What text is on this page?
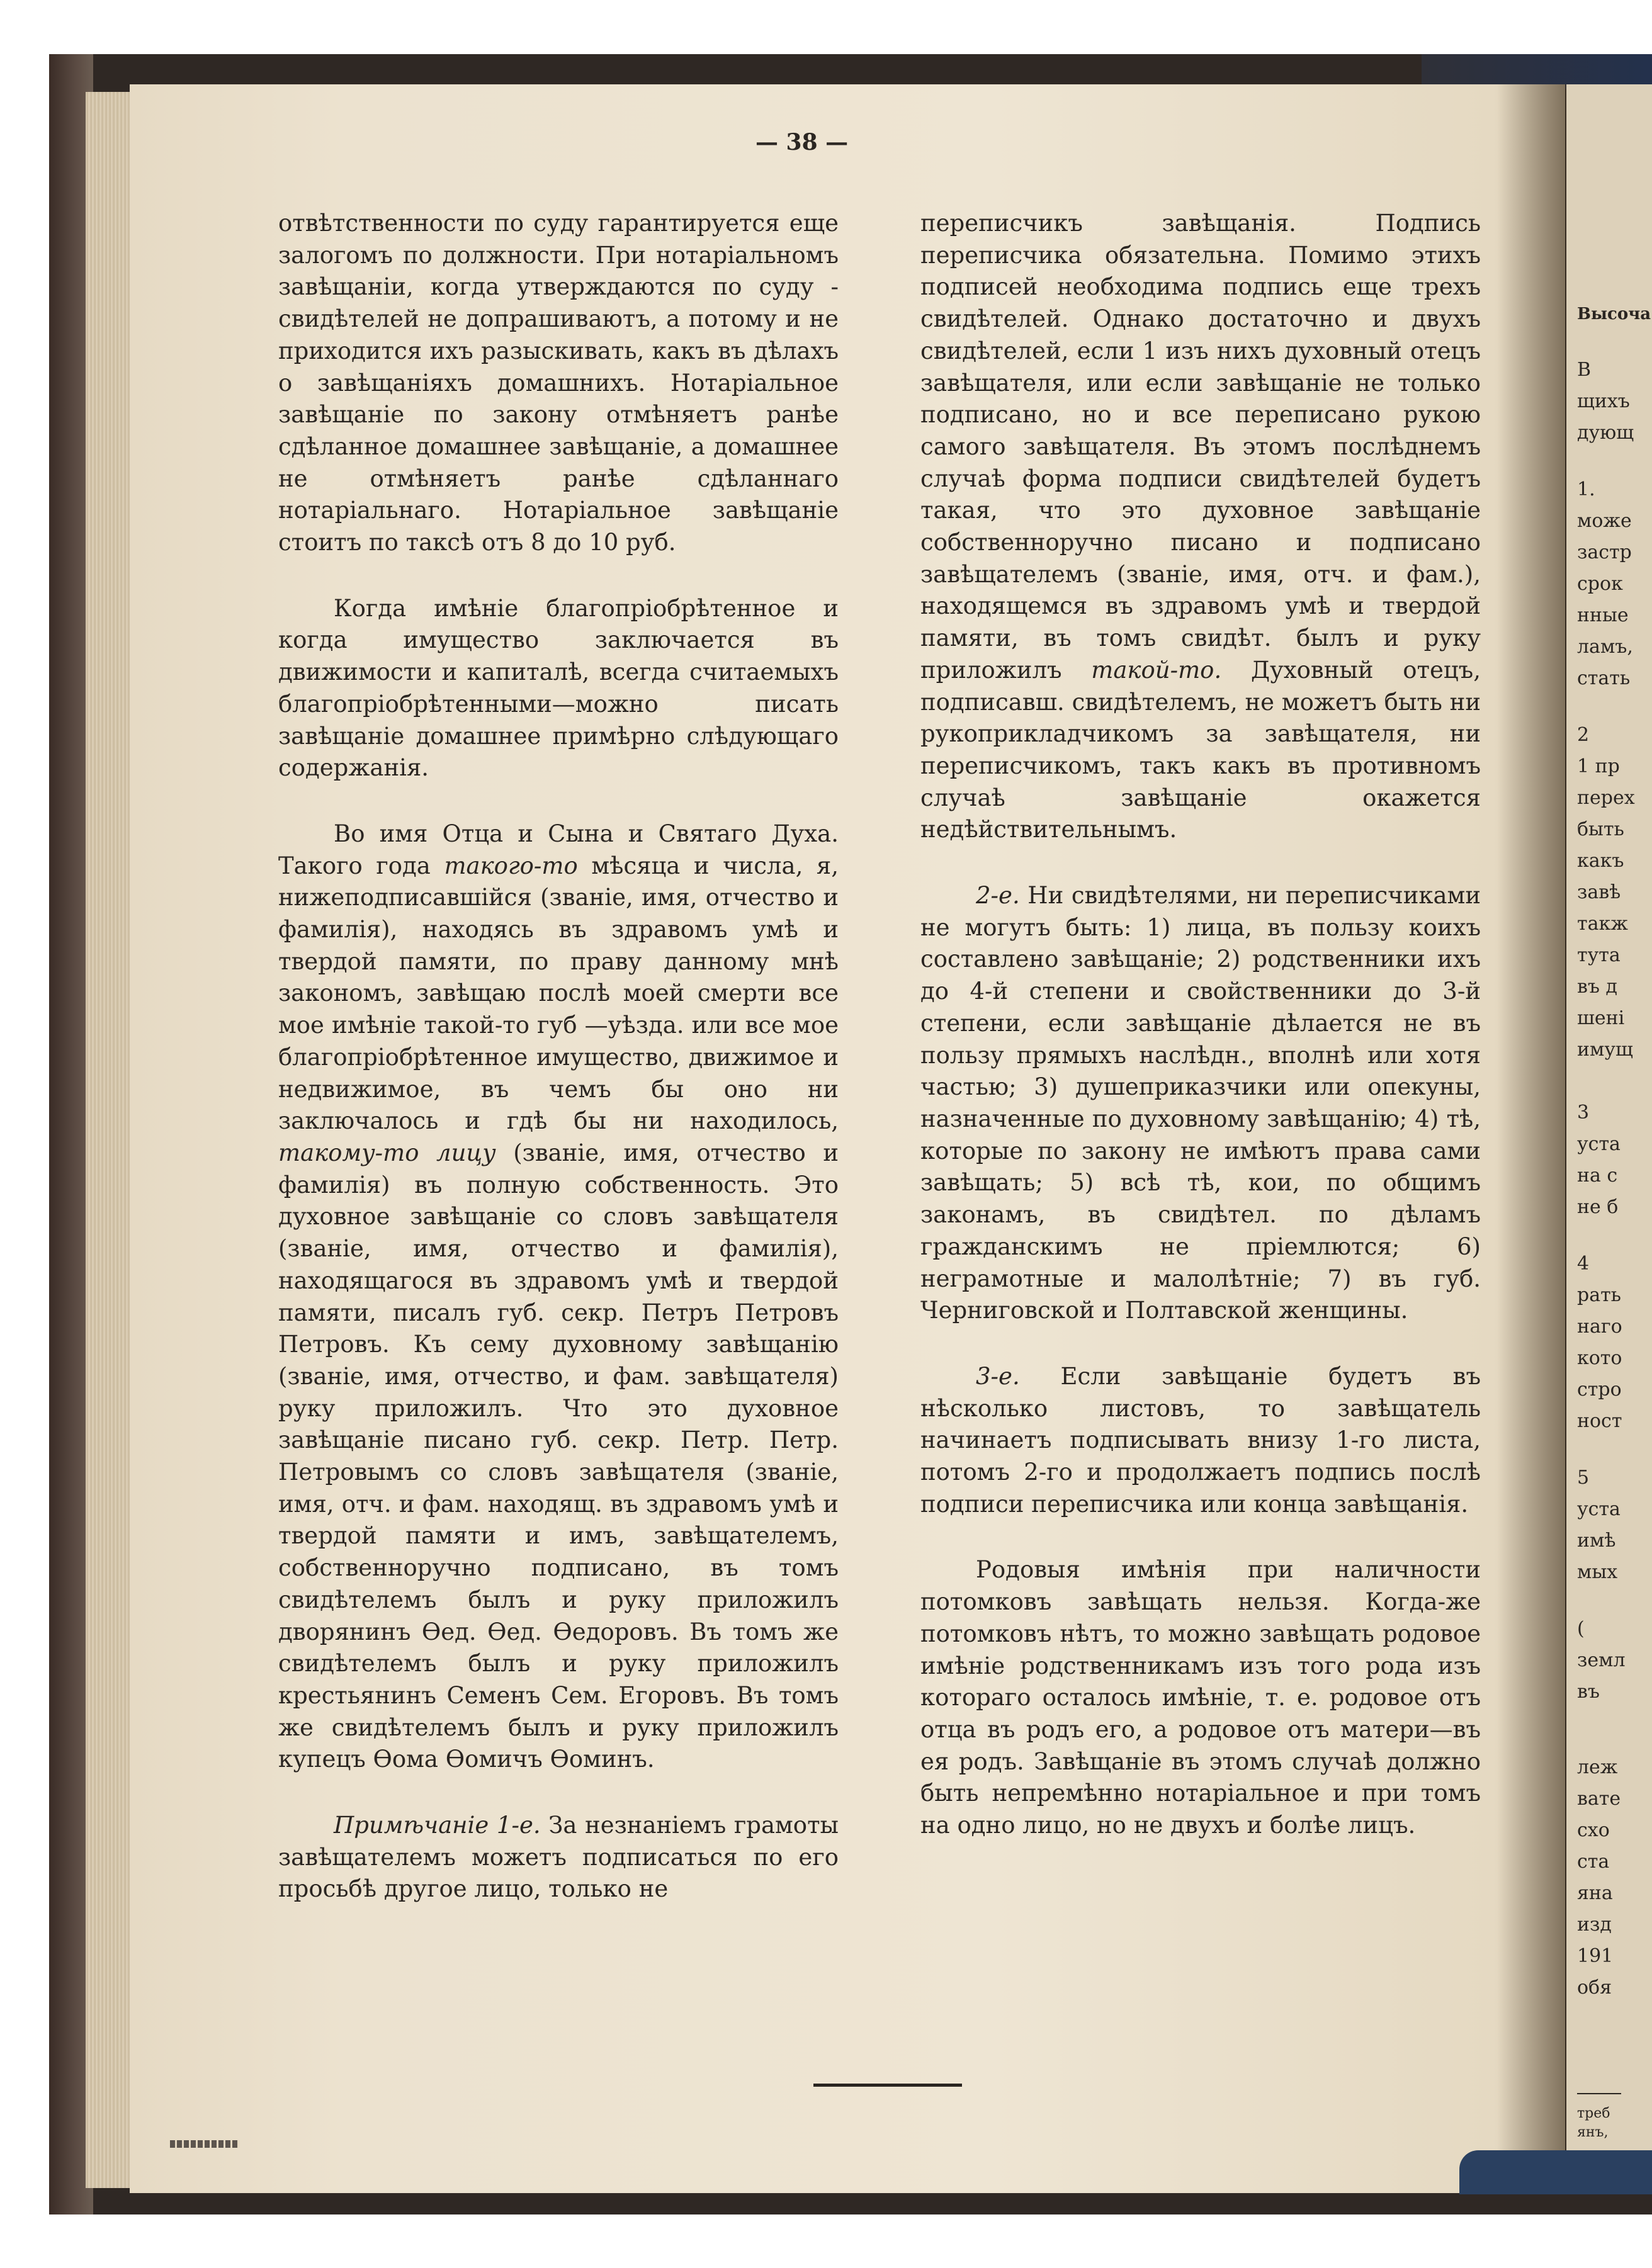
— 38 —

отвѣтственности по суду гарантируется еще залогомъ по должности. При нотаріальномъ завѣщаніи, когда утверждаются по суду - свидѣтелей не допрашиваютъ, а потому и не приходится ихъ разыскивать, какъ въ дѣлахъ о завѣщаніяхъ домашнихъ. Нотаріальное завѣщаніе по закону отмѣняетъ ранѣе сдѣланное домашнее завѣщаніе, а домашнее не отмѣняетъ ранѣе сдѣланнаго нотаріальнаго. Нотаріальное завѣщаніе стоитъ по таксѣ отъ 8 до 10 руб.

Когда имѣніе благопріобрѣтенное и когда имущество заключается въ движимости и капиталѣ, всегда считаемыхъ благопріобрѣтенными—можно писать завѣщаніе домашнее примѣрно слѣдующаго содержанія.

Во имя Отца и Сына и Святаго Духа. Такого года такого-то мѣсяца и числа, я, нижеподписавшійся (званіе, имя, отчество и фамилія), находясь въ здравомъ умѣ и твердой памяти, по праву данному мнѣ закономъ, завѣщаю послѣ моей смерти все мое имѣніе такой-то губ —уѣзда. или все мое благопріобрѣтенное имущество, движимое и недвижимое, въ чемъ бы оно ни заключалось и гдѣ бы ни находилось, такому-то лицу (званіе, имя, отчество и фамилія) въ полную собственность. Это духовное завѣщаніе со словъ завѣщателя (званіе, имя, отчество и фамилія), находящагося въ здравомъ умѣ и твердой памяти, писалъ губ. секр. Петръ Петровъ Петровъ. Къ сему духовному завѣщанію (званіе, имя, отчество, и фам. завѣщателя) руку приложилъ. Что это духовное завѣщаніе писано губ. секр. Петр. Петр. Петровымъ со словъ завѣщателя (званіе, имя, отч. и фам. находящ. въ здравомъ умѣ и твердой памяти и имъ, завѣщателемъ, собственноручно подписано, въ томъ свидѣтелемъ былъ и руку приложилъ дворянинъ Өед. Өед. Өедоровъ. Въ томъ же свидѣтелемъ былъ и руку приложилъ крестьянинъ Семенъ Сем. Егоровъ. Въ томъ же свидѣтелемъ былъ и руку приложилъ купецъ Өома Өомичъ Өоминъ.

Примѣчаніе 1-е. За незнаніемъ грамоты завѣщателемъ можетъ подписаться по его просьбѣ другое лицо, только не

переписчикъ завѣщанія. Подпись переписчика обязательна. Помимо этихъ подписей необходима подпись еще трехъ свидѣтелей. Однако достаточно и двухъ свидѣтелей, если 1 изъ нихъ духовный отецъ завѣщателя, или если завѣщаніе не только подписано, но и все переписано рукою самого завѣщателя. Въ этомъ послѣднемъ случаѣ форма подписи свидѣтелей будетъ такая, что это духовное завѣщаніе собственноручно писано и подписано завѣщателемъ (званіе, имя, отч. и фам.), находящемся въ здравомъ умѣ и твердой памяти, въ томъ свидѣт. былъ и руку приложилъ такой-то. Духовный отецъ, подписавш. свидѣтелемъ, не можетъ быть ни рукоприкладчикомъ за завѣщателя, ни переписчикомъ, такъ какъ въ противномъ случаѣ завѣщаніе окажется недѣйствительнымъ.

2-е. Ни свидѣтелями, ни переписчиками не могутъ быть: 1) лица, въ пользу коихъ составлено завѣщаніе; 2) родственники ихъ до 4-й степени и свойственники до 3-й степени, если завѣщаніе дѣлается не въ пользу прямыхъ наслѣдн., вполнѣ или хотя частью; 3) душеприказчики или опекуны, назначенные по духовному завѣщанію; 4) тѣ, которые по закону не имѣютъ права сами завѣщать; 5) всѣ тѣ, кои, по общимъ законамъ, въ свидѣтел. по дѣламъ гражданскимъ не пріемлются; 6) неграмотные и малолѣтніе; 7) въ губ. Черниговской и Полтавской женщины.

3-е. Если завѣщаніе будетъ въ нѣсколько листовъ, то завѣщатель начинаетъ подписывать внизу 1-го листа, потомъ 2-го и продолжаетъ подпись послѣ подписи переписчика или конца завѣщанія.

Родовыя имѣнія при наличности потомковъ завѣщать нельзя. Когда-же потомковъ нѣтъ, то можно завѣщать родовое имѣніе родственникамъ изъ того рода изъ котораго осталось имѣніе, т. е. родовое отъ отца въ родъ его, а родовое отъ матери—въ ея родъ. Завѣщаніе въ этомъ случаѣ должно быть непремѣнно нотаріальное и при томъ на одно лицо, но не двухъ и болѣе лицъ.

Высоча
В
щихъ
дующ
1.
може
застр
срок
нные
ламъ,
стать
2
1 пр
перех
быть
какъ
завѣ
такж
тута
въ д
шені
имущ
3
уста
на с
не б
4
рать
наго
кото
стро
ност
5
уста
имѣ
мых
(
земл
въ
леж
вате
схо
ста
яна
изд
191
обя
треб
янъ,
